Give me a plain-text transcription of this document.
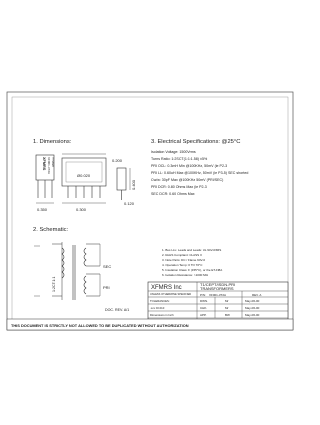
1. Dimensions:
2. Schematic:
3. Electrical Specifications: @25°C
XFMRS XF001-3T2A YYWW
0.350
0.200
0.400
0.120
Ø0.020
0.300
1:2CT:1:1
SEC
PRI
Isolation Voltage: 1500Vrms
Turns Ratio: 1:2SCT(1:1:1.58) ±5%
PRI OCL: 0.3mH Min @100KHz, 50mV (ie P2-3
PRI LL: 0.60uH Max @100KHz, 50mV (ie P3-5) SEC shorted
Cw/w: 30pF Max @100KHz 50mV (PRI/SEC)
PRI DCR: 0.80 Ohms Max (ie P2-3
SEC DCR: 0.60 Ohms Max
1. Bus LLL: Leads and Leads: UL 94V-0/MIS
2. RoHS Compliant: CLASS II
3. Note Parts: DC / Flame 94V-0
4. Operation Temp: 0 TO 70°C
5. Insulation Class: F (155°C), or the ET-Fl8A
6. Isolation Resistance: >1000 MΩ
DOC. REV. A/1
XFMRS Inc
T1/CEPT/ISDN-PRI
TRANSFORMERS
UNLESS OTHERWISE SPECIFIED
TOLERANCES:
.xxx ±0.010
Dimensions in Inch
P/N: XF001-3T2A	REV. A
DWN.
CHK.
APP.
Mr
Mr
BW
May-06-00
May-06-00
May-06-00
THIS DOCUMENT IS STRICTLY NOT ALLOWED TO BE DUPLICATED WITHOUT AUTHORIZATION
